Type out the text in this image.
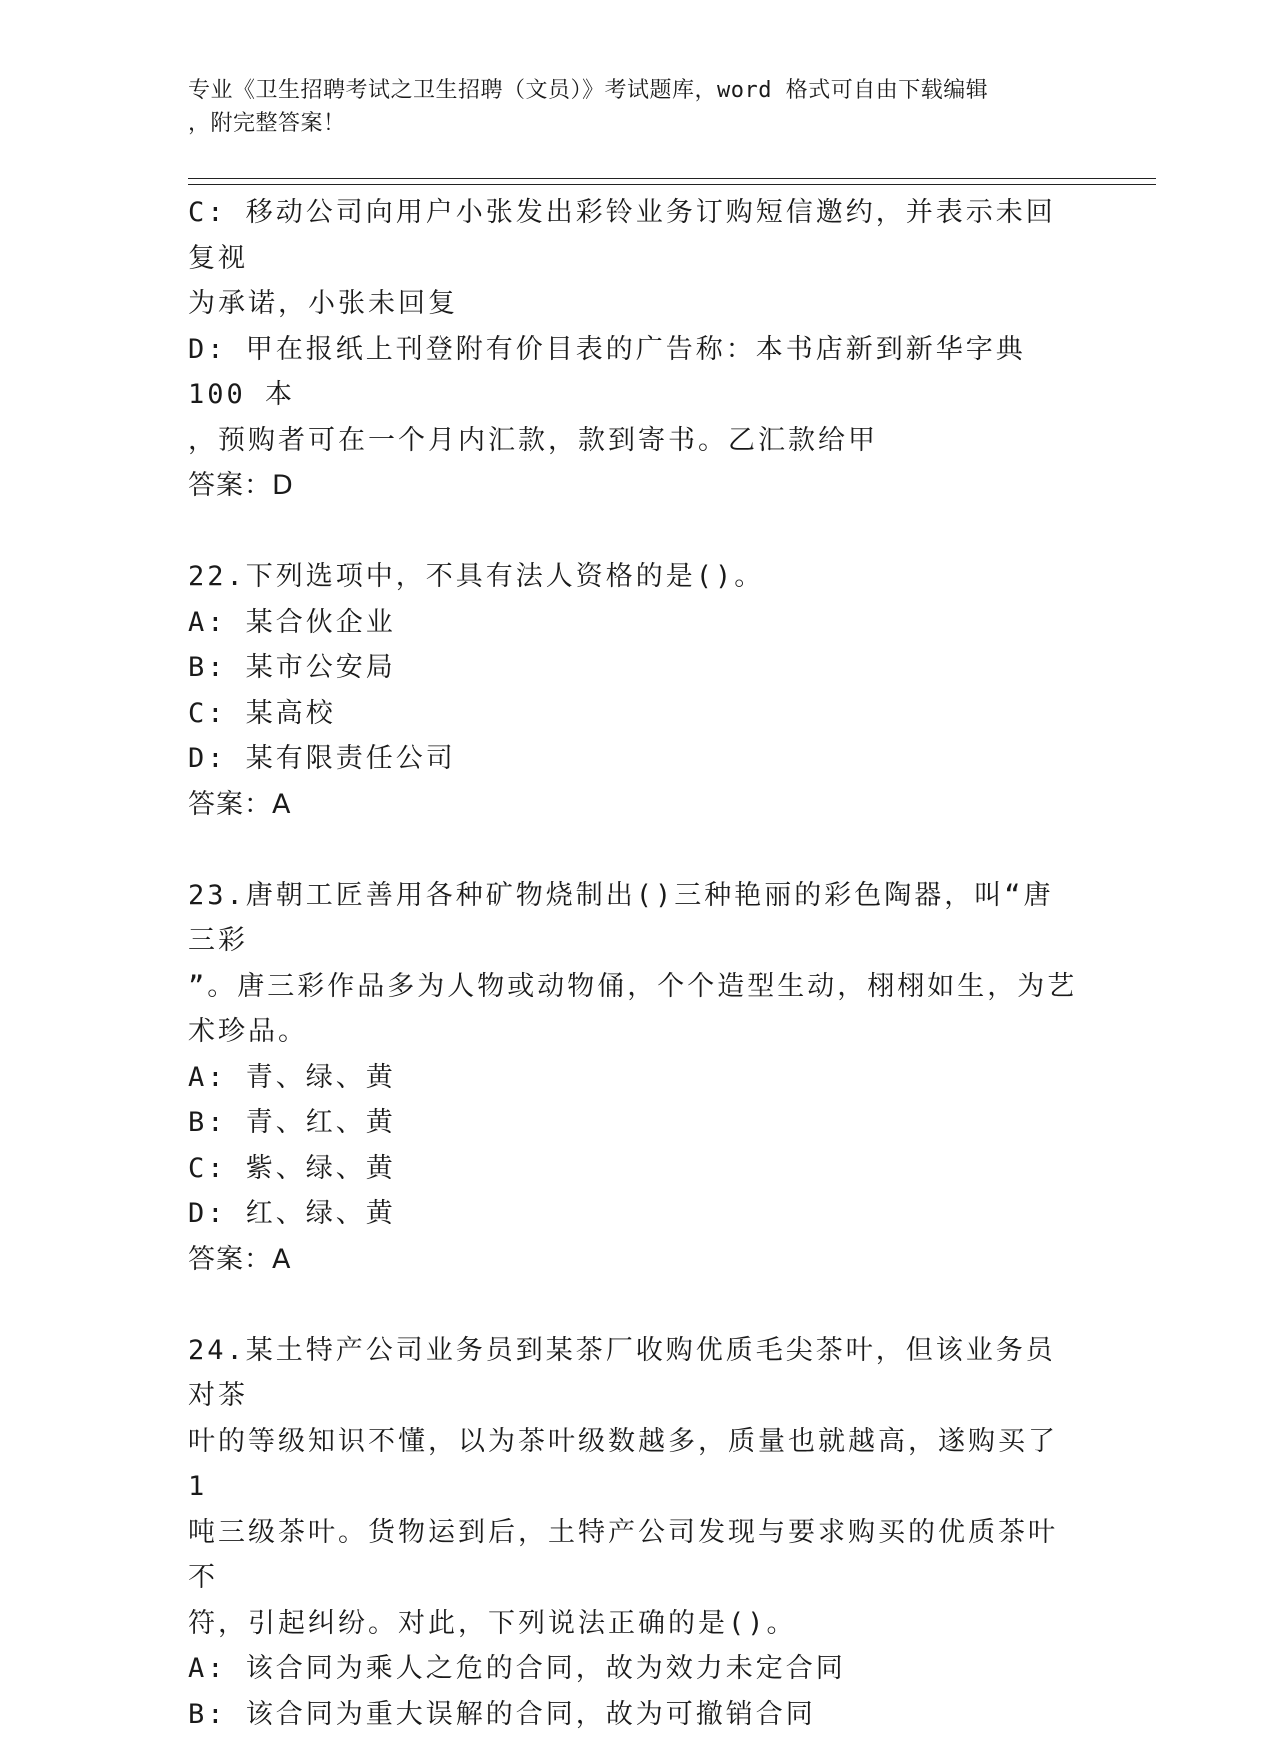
专业《卫生招聘考试之卫生招聘（文员）》考试题库，word 格式可自由下载编辑
，附完整答案！
C: 移动公司向用户小张发出彩铃业务订购短信邀约，并表示未回复视
为承诺，小张未回复
D: 甲在报纸上刊登附有价目表的广告称：本书店新到新华字典 100 本
，预购者可在一个月内汇款，款到寄书。乙汇款给甲
答案：D
22.下列选项中，不具有法人资格的是()。
A: 某合伙企业
B: 某市公安局
C: 某高校
D: 某有限责任公司
答案：A
23.唐朝工匠善用各种矿物烧制出()三种艳丽的彩色陶器，叫“唐三彩
”。唐三彩作品多为人物或动物俑，个个造型生动，栩栩如生，为艺
术珍品。
A: 青、绿、黄
B: 青、红、黄
C: 紫、绿、黄
D: 红、绿、黄
答案：A
24.某土特产公司业务员到某茶厂收购优质毛尖茶叶，但该业务员对茶
叶的等级知识不懂，以为茶叶级数越多，质量也就越高，遂购买了 1
吨三级茶叶。货物运到后，土特产公司发现与要求购买的优质茶叶不
符，引起纠纷。对此，下列说法正确的是()。
A: 该合同为乘人之危的合同，故为效力未定合同
B: 该合同为重大误解的合同，故为可撤销合同
